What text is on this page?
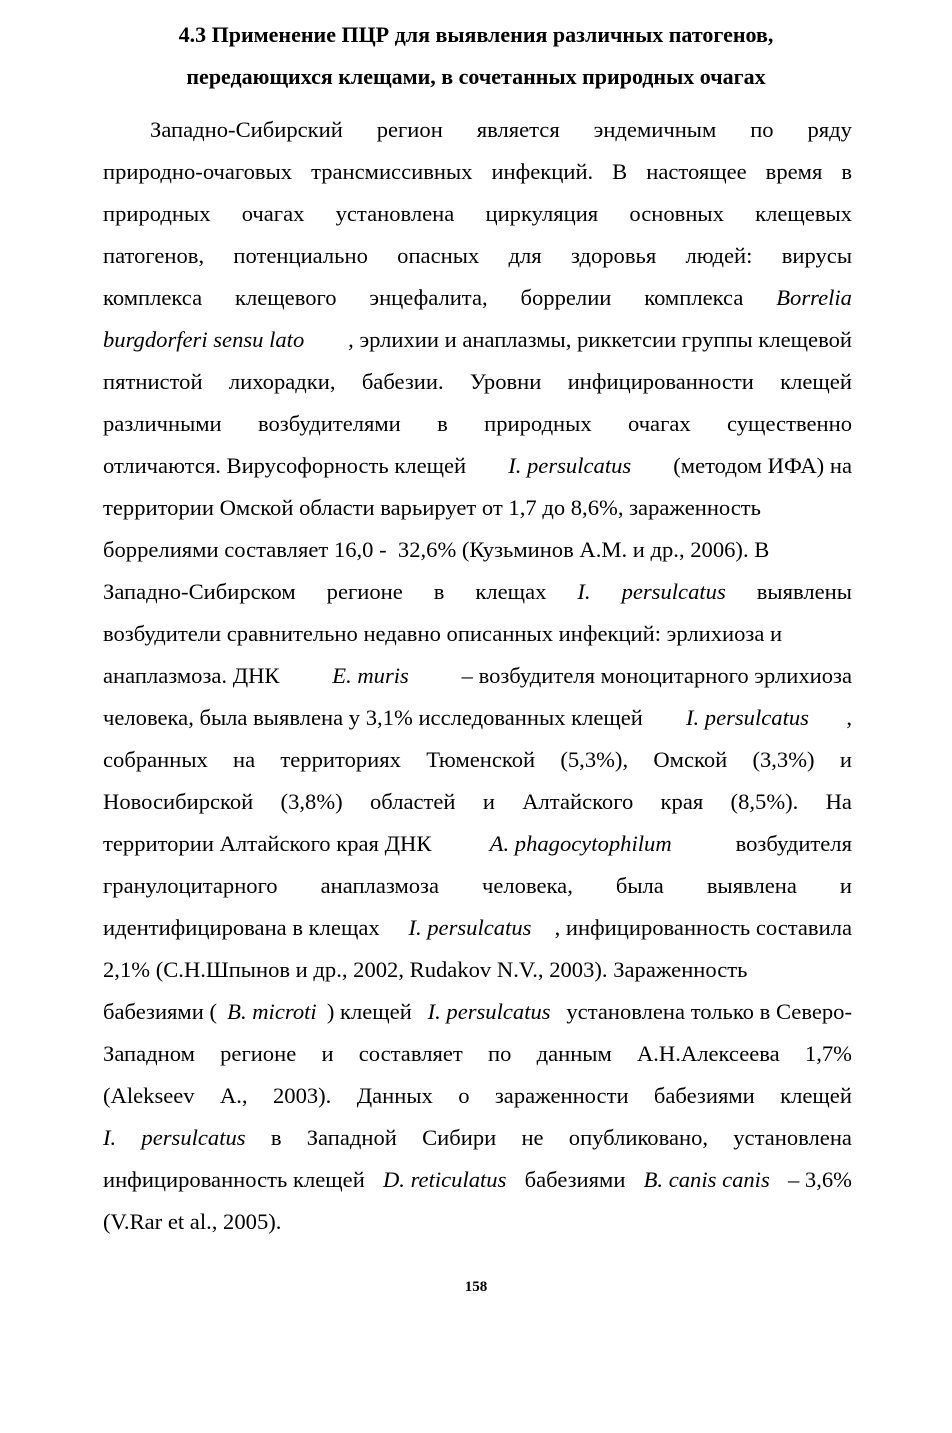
4.3 Применение ПЦР для выявления различных патогенов,
передающихся клещами, в сочетанных природных очагах
Западно-Сибирский регион является эндемичным по ряду
природно-очаговых трансмиссивных инфекций. В настоящее время в
природных очагах установлена циркуляция основных клещевых
патогенов, потенциально опасных для здоровья людей: вирусы
комплекса клещевого энцефалита, боррелии комплекса Borrelia
burgdorferi sensu lato , эрлихии и анаплазмы, риккетсии группы клещевой
пятнистой лихорадки, бабезии. Уровни инфицированности клещей
различными возбудителями в природных очагах существенно
отличаются. Вирусофорность клещей I. persulcatus (методом ИФА) на
территории Омской области варьирует от 1,7 до 8,6%, зараженность
боррелиями составляет 16,0 -  32,6% (Кузьминов А.М. и др., 2006). В
Западно-Сибирском регионе в клещах I. persulcatus выявлены
возбудители сравнительно недавно описанных инфекций: эрлихиоза и
анаплазмоза. ДНК E. muris – возбудителя моноцитарного эрлихиоза
человека, была выявлена у 3,1% исследованных клещей I. persulcatus ,
собранных на территориях Тюменской (5,3%), Омской (3,3%) и
Новосибирской (3,8%) областей и Алтайского края (8,5%). На
территории Алтайского края ДНК A. phagocytophilum возбудителя
гранулоцитарного анаплазмоза человека, была выявлена и
идентифицирована в клещах I. persulcatus , инфицированность составила
2,1% (С.Н.Шпынов и др., 2002, Rudakov N.V., 2003). Зараженность
бабезиями ( B. microti ) клещей I. persulcatus установлена только в Северо-
Западном регионе и составляет по данным А.Н.Алексеева 1,7%
(Alekseev A., 2003). Данных о зараженности бабезиями клещей
I. persulcatus в Западной Сибири не опубликовано, установлена
инфицированность клещей D. reticulatus бабезиями B. canis canis – 3,6%
(V.Rar et al., 2005).
158
